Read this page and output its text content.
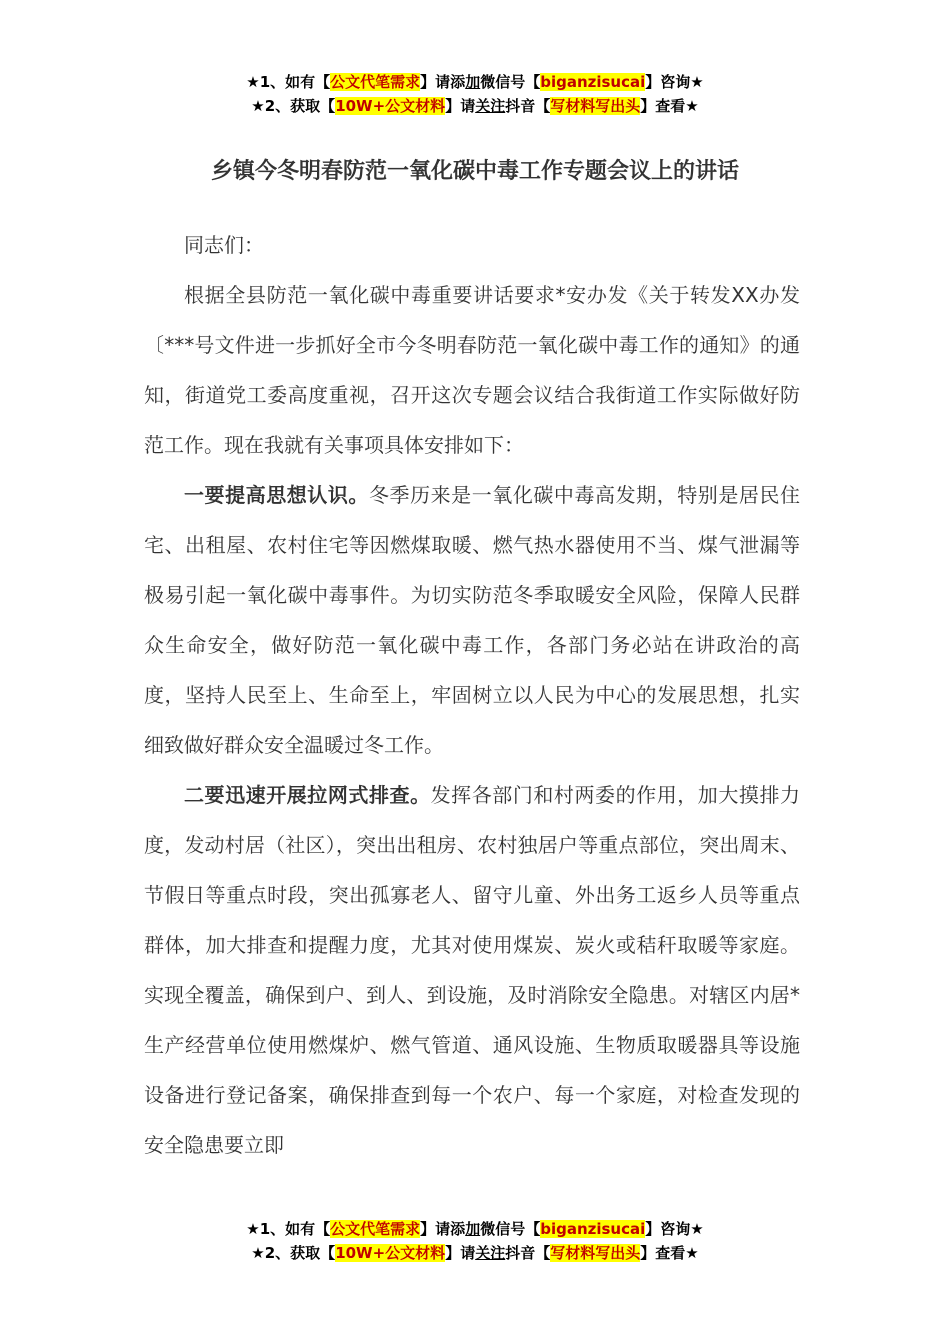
★1、如有【公文代笔需求】请添加微信号【biganzisucai】咨询★
★2、获取【10W+公文材料】请关注抖音【写材料写出头】查看★
乡镇今冬明春防范一氧化碳中毒工作专题会议上的讲话

同志们：

根据全县防范一氧化碳中毒重要讲话要求*安办发《关于转发XX办发〔***号文件进一步抓好全市今冬明春防范一氧化碳中毒工作的通知》的通知，街道党工委高度重视，召开这次专题会议结合我街道工作实际做好防范工作。现在我就有关事项具体安排如下：

一要提高思想认识。冬季历来是一氧化碳中毒高发期，特别是居民住宅、出租屋、农村住宅等因燃煤取暖、燃气热水器使用不当、煤气泄漏等极易引起一氧化碳中毒事件。为切实防范冬季取暖安全风险，保障人民群众生命安全，做好防范一氧化碳中毒工作，各部门务必站在讲政治的高度，坚持人民至上、生命至上，牢固树立以人民为中心的发展思想，扎实细致做好群众安全温暖过冬工作。

二要迅速开展拉网式排查。发挥各部门和村两委的作用，加大摸排力度，发动村居（社区），突出出租房、农村独居户等重点部位，突出周末、节假日等重点时段，突出孤寡老人、留守儿童、外出务工返乡人员等重点群体，加大排查和提醒力度，尤其对使用煤炭、炭火或秸秆取暖等家庭。实现全覆盖，确保到户、到人、到设施，及时消除安全隐患。对辖区内居*生产经营单位使用燃煤炉、燃气管道、通风设施、生物质取暖器具等设施设备进行登记备案，确保排查到每一个农户、每一个家庭，对检查发现的安全隐患要立即

★1、如有【公文代笔需求】请添加微信号【biganzisucai】咨询★
★2、获取【10W+公文材料】请关注抖音【写材料写出头】查看★
